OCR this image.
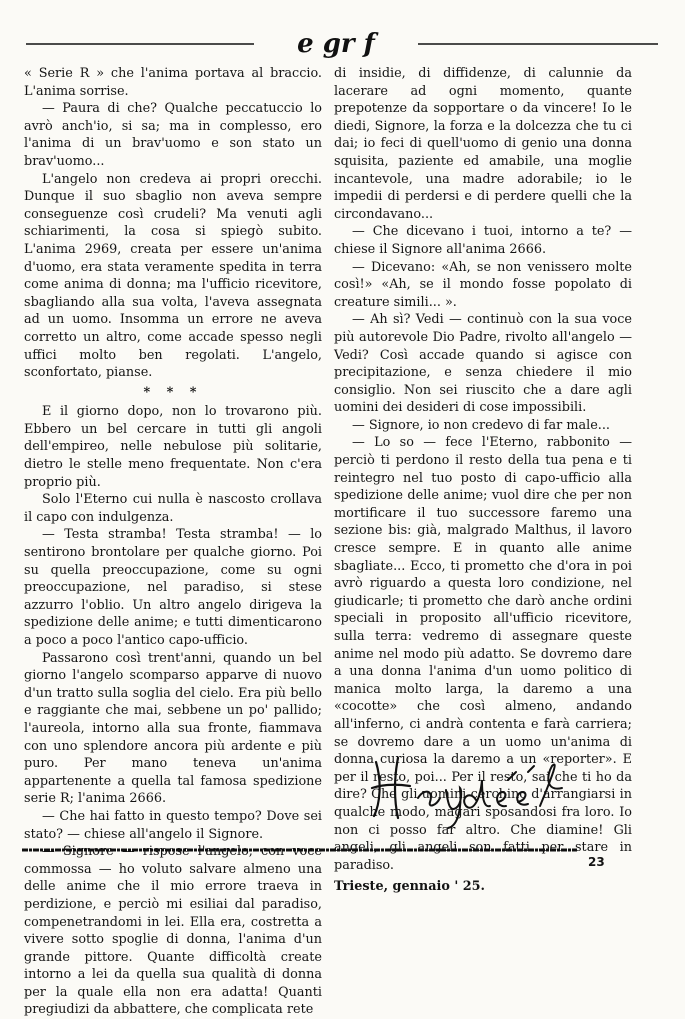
e gr f

« Serie R » che l'anima portava al braccio. L'anima sorrise.

— Paura di che? Qualche peccatuccio lo avrò anch'io, si sa; ma in complesso, ero l'anima di un brav'uomo e son stato un brav'uomo...

L'angelo non credeva ai propri orecchi. Dunque il suo sbaglio non aveva sempre conseguenze così crudeli? Ma venuti agli schiarimenti, la cosa si spiegò subito. L'anima 2969, creata per essere un'anima d'uomo, era stata veramente spedita in terra come anima di donna; ma l'ufficio ricevitore, sbagliando alla sua volta, l'aveva assegnata ad un uomo. Insomma un errore ne aveva corretto un altro, come accade spesso negli uffici molto ben regolati. L'angelo, sconfortato, pianse.

* * *

E il giorno dopo, non lo trovarono più. Ebbero un bel cercare in tutti gli angoli dell'empireo, nelle nebulose più solitarie, dietro le stelle meno frequentate. Non c'era proprio più.

Solo l'Eterno cui nulla è nascosto crollava il capo con indulgenza.

— Testa stramba! Testa stramba! — lo sentirono brontolare per qualche giorno. Poi su quella preoccupazione, come su ogni preoccupazione, nel paradiso, si stese azzurro l'oblio. Un altro angelo dirigeva la spedizione delle anime; e tutti dimenticarono a poco a poco l'antico capo-ufficio.

Passarono così trent'anni, quando un bel giorno l'angelo scomparso apparve di nuovo d'un tratto sulla soglia del cielo. Era più bello e raggiante che mai, sebbene un po' pallido; l'aureola, intorno alla sua fronte, fiammava con uno splendore ancora più ardente e più puro. Per mano teneva un'anima appartenente a quella tal famosa spedizione serie R; l'anima 2666.

— Che hai fatto in questo tempo? Dove sei stato? — chiese all'angelo il Signore.

— Signore — rispose l'angelo, con voce commossa — ho voluto salvare almeno una delle anime che il mio errore traeva in perdizione, e perciò mi esiliai dal paradiso, compenetrandomi in lei. Ella era, costretta a vivere sotto spoglie di donna, l'anima d'un grande pittore. Quante difficoltà create intorno a lei da quella sua qualità di donna per la quale ella non era adatta! Quanti pregiudizi da abbattere, che complicata rete

di insidie, di diffidenze, di calunnie da lacerare ad ogni momento, quante prepotenze da sopportare o da vincere! Io le diedi, Signore, la forza e la dolcezza che tu ci dai; io feci di quell'uomo di genio una donna squisita, paziente ed amabile, una moglie incantevole, una madre adorabile; io le impedii di perdersi e di perdere quelli che la circondavano...

— Che dicevano i tuoi, intorno a te? — chiese il Signore all'anima 2666.

— Dicevano: «Ah, se non venissero molte così!» «Ah, se il mondo fosse popolato di creature simili... ».

— Ah sì? Vedi — continuò con la sua voce più autorevole Dio Padre, rivolto all'angelo — Vedi? Così accade quando si agisce con precipitazione, e senza chiedere il mio consiglio. Non sei riuscito che a dare agli uomini dei desideri di cose impossibili.

— Signore, io non credevo di far male...

— Lo so — fece l'Eterno, rabbonito — perciò ti perdono il resto della tua pena e ti reintegro nel tuo posto di capo-ufficio alla spedizione delle anime; vuol dire che per non mortificare il tuo successore faremo una sezione bis: già, malgrado Malthus, il lavoro cresce sempre. E in quanto alle anime sbagliate... Ecco, ti prometto che d'ora in poi avrò riguardo a questa loro condizione, nel giudicarle; ti prometto che darò anche ordini speciali in proposito all'ufficio ricevitore, sulla terra: vedremo di assegnare queste anime nel modo più adatto. Se dovremo dare a una donna l'anima d'un uomo politico di manica molto larga, la daremo a una «cocotte» che così almeno, andando all'inferno, ci andrà contenta e farà carriera; se dovremo dare a un uomo un'anima di donna curiosa la daremo a un «reporter». E per il resto, poi... Per il resto, sai che ti ho da dire? Che gli uomini cerchino d'arrangiarsi in qualche modo, magari sposandosi fra loro. Io non ci posso far altro. Che diamine! Gli angeli, gli angeli son fatti per stare in paradiso.

Trieste, gennaio ' 25.

23
